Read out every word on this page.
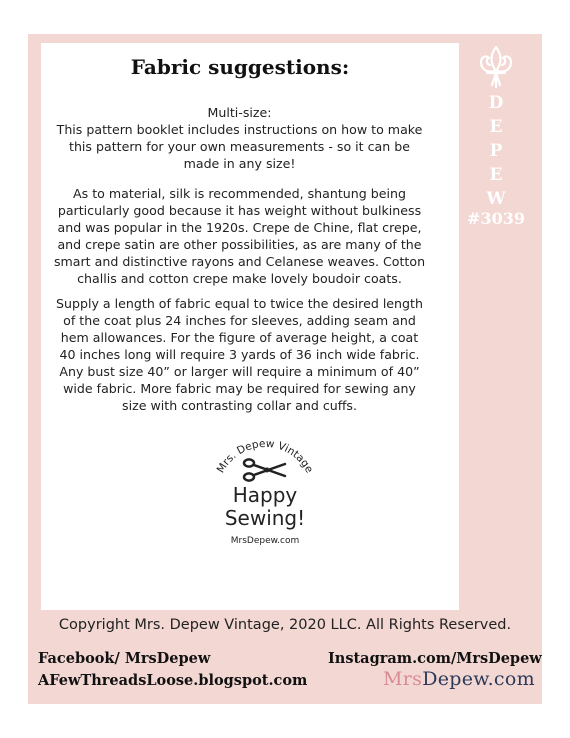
D
E
P
E
W
#3039
Fabric suggestions:

Multi-size:
This pattern booklet includes instructions on how to make this pattern for your own measurements - so it can be made in any size!

As to material, silk is recommended, shantung being particularly good because it has weight without bulkiness and was popular in the 1920s. Crepe de Chine, flat crepe, and crepe satin are other possibilities, as are many of the smart and distinctive rayons and Celanese weaves. Cotton challis and cotton crepe make lovely boudoir coats.

Supply a length of fabric equal to twice the desired length of the coat plus 24 inches for sleeves, adding seam and hem allowances. For the figure of average height, a coat 40 inches long will require 3 yards of 36 inch wide fabric. Any bust size 40” or larger will require a minimum of 40” wide fabric. More fabric may be required for sewing any size with contrasting collar and cuffs.

Mrs. Depew Vintage
Happy
Sewing!
MrsDepew.com
Copyright Mrs. Depew Vintage, 2020 LLC. All Rights Reserved.
Facebook/ MrsDepew
AFewThreadsLoose.blogspot.com
Instagram.com/MrsDepew
MrsDepew.com
